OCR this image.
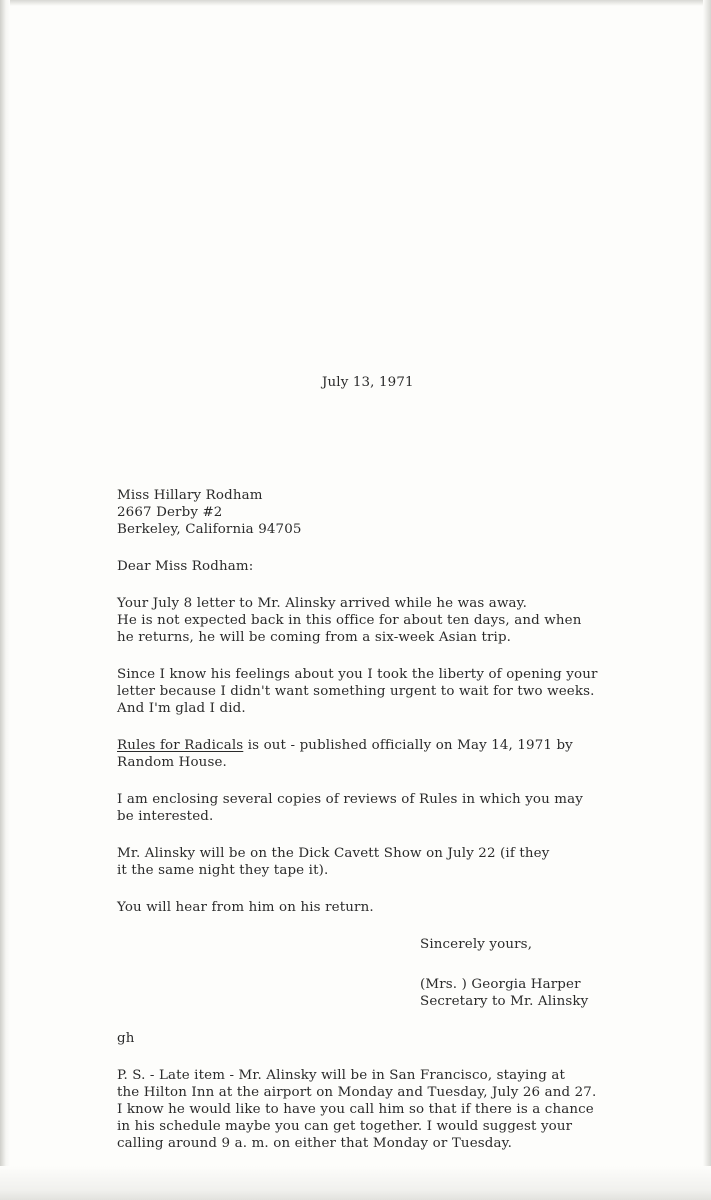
July 13, 1971
Miss Hillary Rodham
2667 Derby #2
Berkeley, California 94705
Dear Miss Rodham:
Your July 8 letter to Mr. Alinsky arrived while he was away.
He is not expected back in this office for about ten days, and when
he returns, he will be coming from a six-week Asian trip.
Since I know his feelings about you I took the liberty of opening your
letter because I didn't want something urgent to wait for two weeks.
And I'm glad I did.
Rules for Radicals is out - published officially on May 14, 1971 by
Random House.
I am enclosing several copies of reviews of Rules in which you may
be interested.
Mr. Alinsky will be on the Dick Cavett Show on July 22 (if they
it the same night they tape it).
You will hear from him on his return.
Sincerely yours,
(Mrs. ) Georgia Harper
Secretary to Mr. Alinsky
gh
P. S. - Late item - Mr. Alinsky will be in San Francisco, staying at
the Hilton Inn at the airport on Monday and Tuesday, July 26 and 27.
I know he would like to have you call him so that if there is a chance
in his schedule maybe you can get together. I would suggest your
calling around 9 a. m. on either that Monday or Tuesday.
